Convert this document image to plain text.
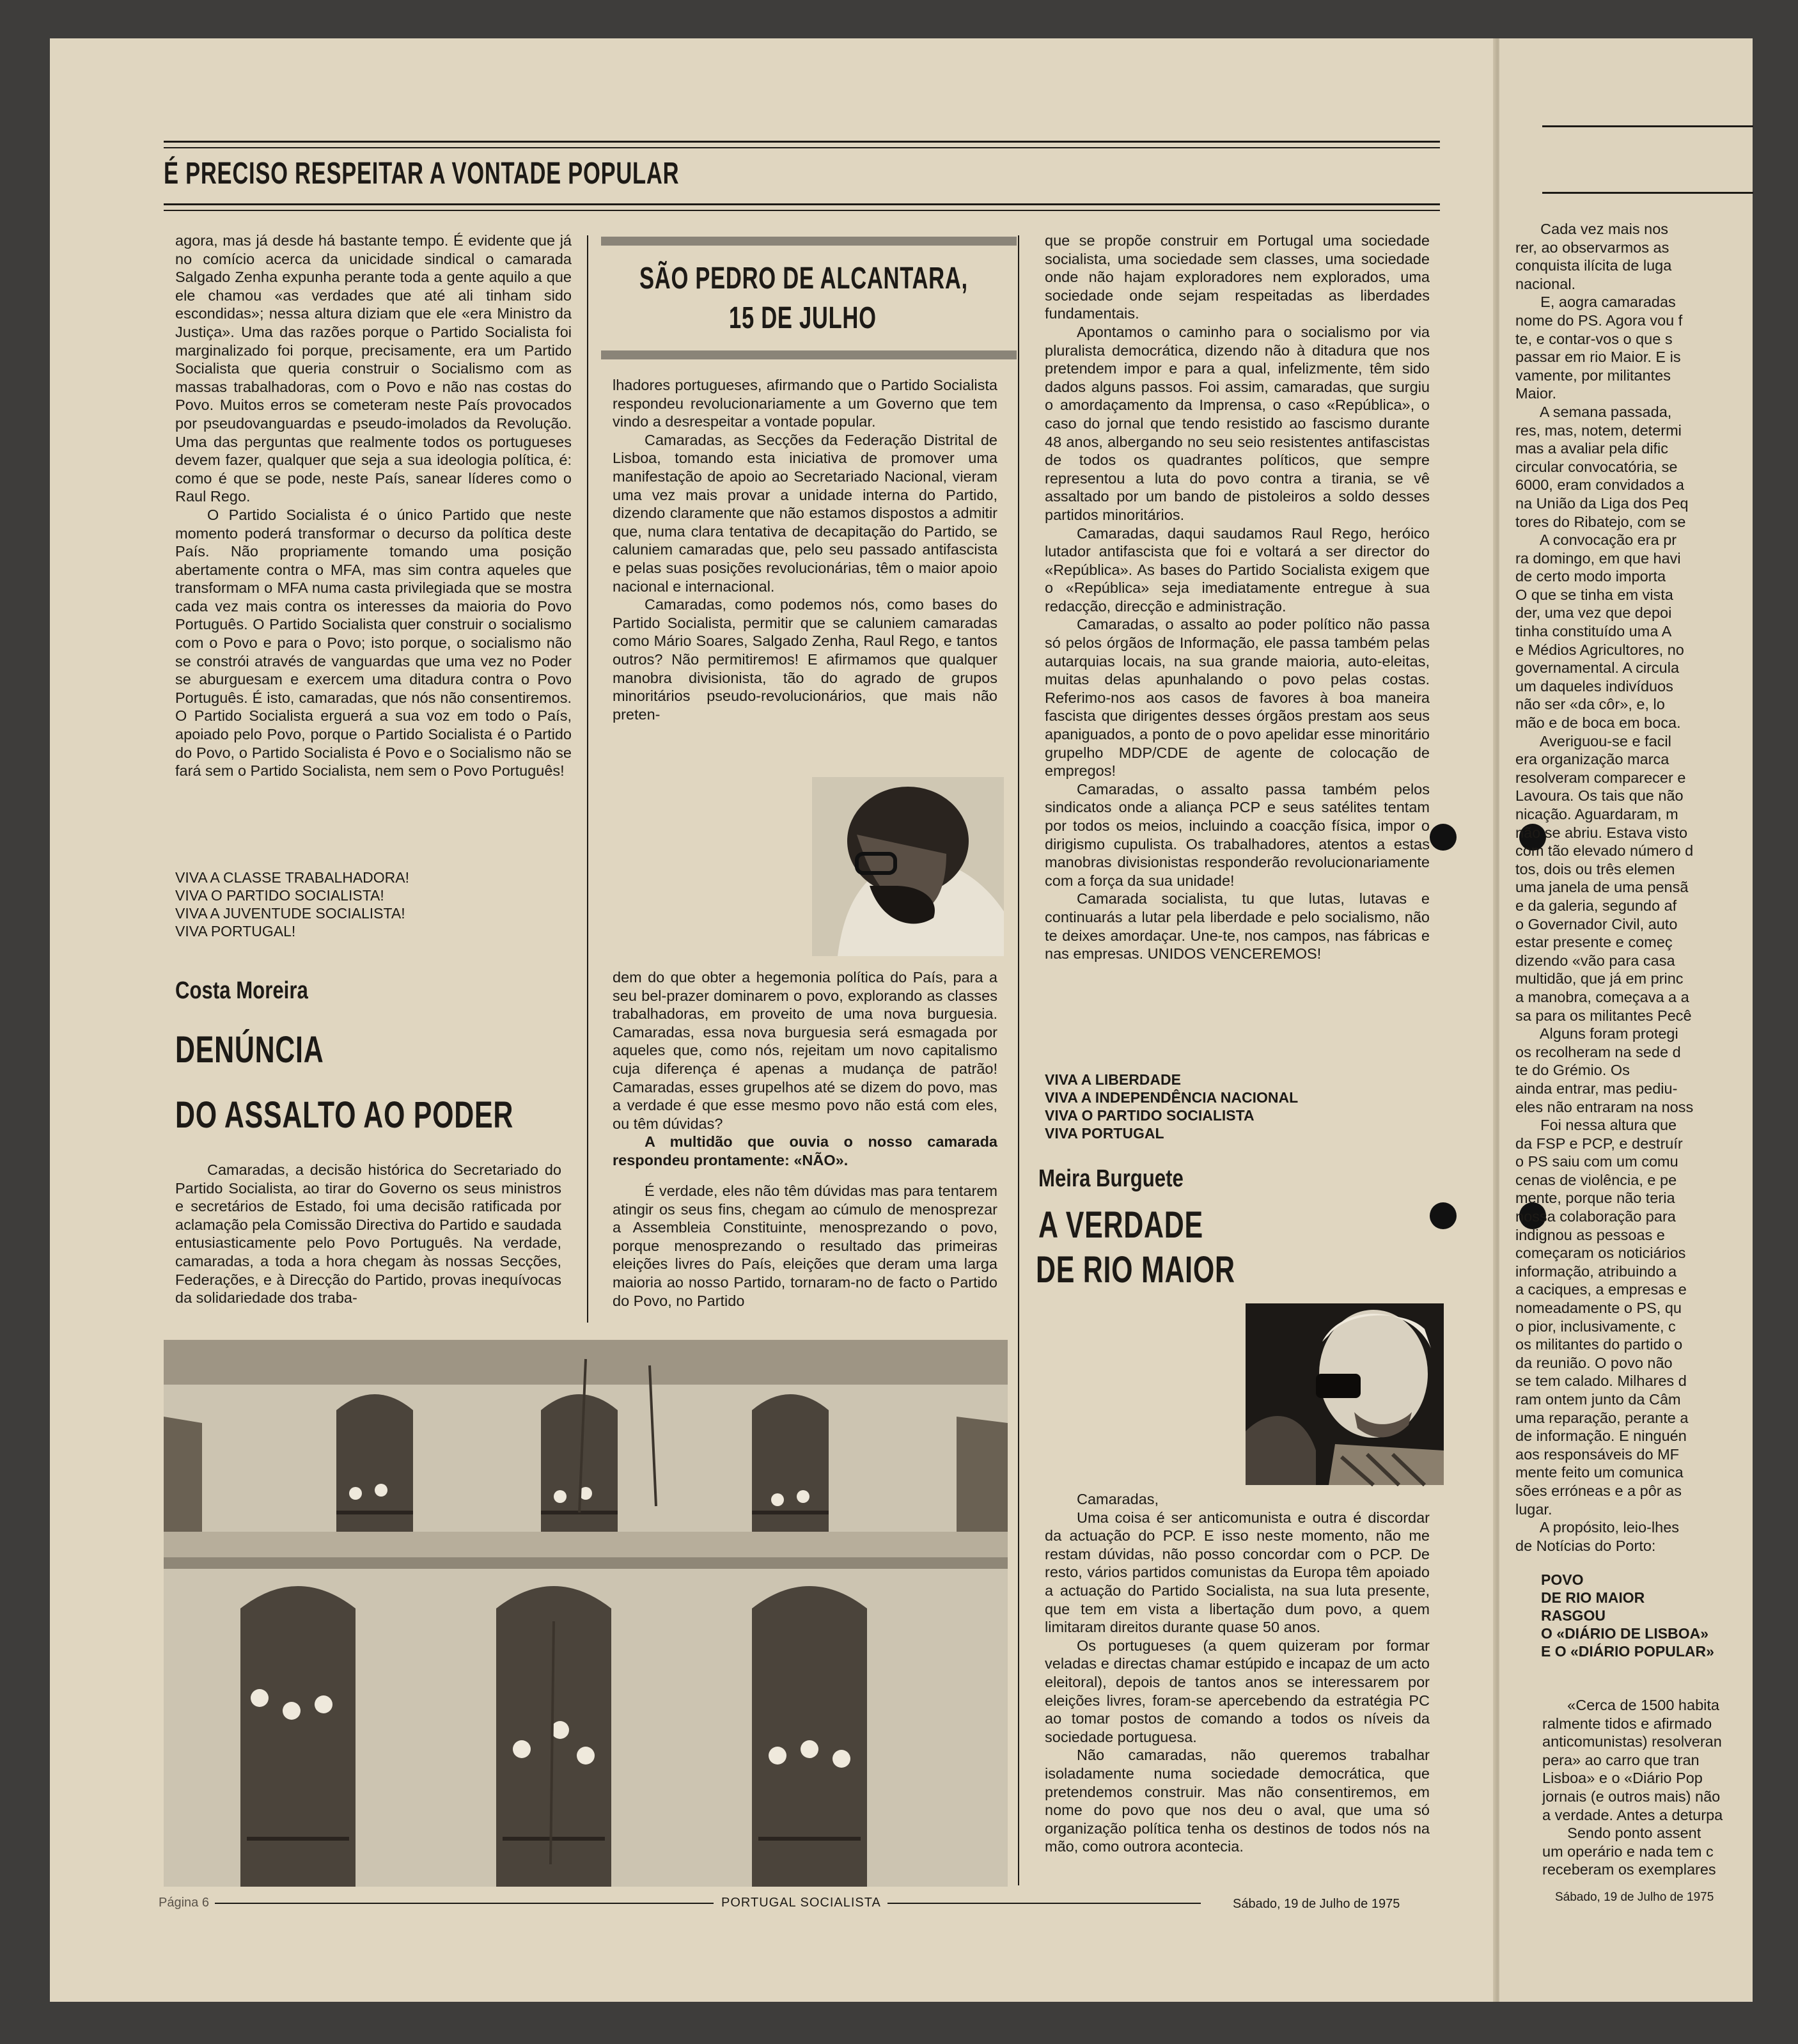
É PRECISO RESPEITAR A VONTADE POPULAR

agora, mas já desde há bastante tempo. É evidente que já no comício acerca da unicidade sindical o camarada Salgado Zenha expunha perante toda a gente aquilo a que ele chamou «as verdades que até ali tinham sido escondidas»; nessa altura diziam que ele «era Ministro da Justiça». Uma das razões porque o Partido Socialista foi marginalizado foi porque, precisamente, era um Partido Socialista que queria construir o Socialismo com as massas trabalhadoras, com o Povo e não nas costas do Povo. Muitos erros se cometeram neste País provocados por pseudovanguardas e pseudo-imolados da Revolução. Uma das perguntas que realmente todos os portugueses devem fazer, qualquer que seja a sua ideologia política, é: como é que se pode, neste País, sanear líderes como o Raul Rego.

O Partido Socialista é o único Partido que neste momento poderá transformar o decurso da política deste País. Não propriamente tomando uma posição abertamente contra o MFA, mas sim contra aqueles que transformam o MFA numa casta privilegiada que se mostra cada vez mais contra os interesses da maioria do Povo Português. O Partido Socialista quer construir o socialismo com o Povo e para o Povo; isto porque, o socialismo não se constrói através de vanguardas que uma vez no Poder se aburguesam e exercem uma ditadura contra o Povo Português. É isto, camaradas, que nós não consentiremos. O Partido Socialista erguerá a sua voz em todo o País, apoiado pelo Povo, porque o Partido Socialista é o Partido do Povo, o Partido Socialista é Povo e o Socialismo não se fará sem o Partido Socialista, nem sem o Povo Português!

VIVA A CLASSE TRABALHADORA!
VIVA O PARTIDO SOCIALISTA!
VIVA A JUVENTUDE SOCIALISTA!
VIVA PORTUGAL!
Costa Moreira
DENÚNCIA
DO ASSALTO AO PODER

Camaradas, a decisão histórica do Secretariado do Partido Socialista, ao tirar do Governo os seus ministros e secretários de Estado, foi uma decisão ratificada por aclamação pela Comissão Directiva do Partido e saudada entusiasticamente pelo Povo Português. Na verdade, camaradas, a toda a hora chegam às nossas Secções, Federações, e à Direcção do Partido, provas inequívocas da solidariedade dos traba-

SÃO PEDRO DE ALCANTARA,
15 DE JULHO

lhadores portugueses, afirmando que o Partido Socialista respondeu revolucionariamente a um Governo que tem vindo a desrespeitar a vontade popular.

Camaradas, as Secções da Federação Distrital de Lisboa, tomando esta iniciativa de promover uma manifestação de apoio ao Secretariado Nacional, vieram uma vez mais provar a unidade interna do Partido, dizendo claramente que não estamos dispostos a admitir que, numa clara tentativa de decapitação do Partido, se caluniem camaradas que, pelo seu passado antifascista e pelas suas posições revolucionárias, têm o maior apoio nacional e internacional.

Camaradas, como podemos nós, como bases do Partido Socialista, permitir que se caluniem camaradas como Mário Soares, Salgado Zenha, Raul Rego, e tantos outros? Não permitiremos! E afirmamos que qualquer manobra divisionista, tão do agrado de grupos minoritários pseudo-revolucionários, que mais não preten-

dem do que obter a hegemonia política do País, para a seu bel-prazer dominarem o povo, explorando as classes trabalhadoras, em proveito de uma nova burguesia. Camaradas, essa nova burguesia será esmagada por aqueles que, como nós, rejeitam um novo capitalismo cuja diferença é apenas a mudança de patrão! Camaradas, esses grupelhos até se dizem do povo, mas a verdade é que esse mesmo povo não está com eles, ou têm dúvidas?

A multidão que ouvia o nosso camarada respondeu prontamente: «NÃO».

É verdade, eles não têm dúvidas mas para tentarem atingir os seus fins, chegam ao cúmulo de menosprezar a Assembleia Constituinte, menosprezando o povo, porque menosprezando o resultado das primeiras eleições livres do País, eleições que deram uma larga maioria ao nosso Partido, tornaram-no de facto o Partido do Povo, no Partido

que se propõe construir em Portugal uma sociedade socialista, uma sociedade sem classes, uma sociedade onde não hajam exploradores nem explorados, uma sociedade onde sejam respeitadas as liberdades fundamentais.

Apontamos o caminho para o socialismo por via pluralista democrática, dizendo não à ditadura que nos pretendem impor e para a qual, infelizmente, têm sido dados alguns passos. Foi assim, camaradas, que surgiu o amordaçamento da Imprensa, o caso «República», o caso do jornal que tendo resistido ao fascismo durante 48 anos, albergando no seu seio resistentes antifascistas de todos os quadrantes políticos, que sempre representou a luta do povo contra a tirania, se vê assaltado por um bando de pistoleiros a soldo desses partidos minoritários.

Camaradas, daqui saudamos Raul Rego, heróico lutador antifascista que foi e voltará a ser director do «República». As bases do Partido Socialista exigem que o «República» seja imediatamente entregue à sua redacção, direcção e administração.

Camaradas, o assalto ao poder político não passa só pelos órgãos de Informação, ele passa também pelas autarquias locais, na sua grande maioria, auto-eleitas, muitas delas apunhalando o povo pelas costas. Referimo-nos aos casos de favores à boa maneira fascista que dirigentes desses órgãos prestam aos seus apaniguados, a ponto de o povo apelidar esse minoritário grupelho MDP/CDE de agente de colocação de empregos!

Camaradas, o assalto passa também pelos sindicatos onde a aliança PCP e seus satélites tentam por todos os meios, incluindo a coacção física, impor o dirigismo cupulista. Os trabalhadores, atentos a estas manobras divisionistas responderão revolucionariamente com a força da sua unidade!

Camarada socialista, tu que lutas, lutavas e continuarás a lutar pela liberdade e pelo socialismo, não te deixes amordaçar. Une-te, nos campos, nas fábricas e nas empresas. UNIDOS VENCEREMOS!

VIVA A LIBERDADE
VIVA A INDEPENDÊNCIA NACIONAL
VIVA O PARTIDO SOCIALISTA
VIVA PORTUGAL
Meira Burguete
A VERDADE
DE RIO MAIOR

Camaradas,

Uma coisa é ser anticomunista e outra é discordar da actuação do PCP. E isso neste momento, não me restam dúvidas, não posso concordar com o PCP. De resto, vários partidos comunistas da Europa têm apoiado a actuação do Partido Socialista, na sua luta presente, que tem em vista a libertação dum povo, a quem limitaram direitos durante quase 50 anos.

Os portugueses (a quem quizeram por formar veladas e directas chamar estúpido e incapaz de um acto eleitoral), depois de tantos anos se interessarem por eleições livres, foram-se apercebendo da estratégia PC ao tomar postos de comando a todos os níveis da sociedade portuguesa.

Não camaradas, não queremos trabalhar isoladamente numa sociedade democrática, que pretendemos construir. Mas não consentiremos, em nome do povo que nos deu o aval, que uma só organização política tenha os destinos de todos nós na mão, como outrora acontecia.

Página 6	PORTUGAL SOCIALISTA	Sábado, 19 de Julho de 1975
Cada vez mais nos
rer, ao observarmos as
conquista ilícita de luga
nacional.
E, aogra camaradas
nome do PS. Agora vou f
te, e contar-vos o que s
passar em rio Maior. E is
vamente, por militantes
Maior.
A semana passada,
res, mas, notem, determi
mas a avaliar pela dific
circular convocatória, se
6000, eram convidados a
na União da Liga dos Peq
tores do Ribatejo, com se
A convocação era pr
ra domingo, em que havi
de certo modo importa
O que se tinha em vista
der, uma vez que depoi
tinha constituído uma A
e Médios Agricultores, no
governamental. A circula
um daqueles indivíduos
não ser «da côr», e, lo
mão e de boca em boca.
Averiguou-se e facil
era organização marca
resolveram comparecer e
Lavoura. Os tais que não
nicação. Aguardaram, m
não se abriu. Estava visto
com tão elevado número d
tos, dois ou três elemen
uma janela de uma pensã
e da galeria, segundo af
o Governador Civil, auto
estar presente e começ
dizendo «vão para casa
multidão, que já em princ
a manobra, começava a a
sa para os militantes Pecê
Alguns foram protegi
os recolheram na sede d
te do Grémio. Os
ainda entrar, mas pediu-
eles não entraram na noss
Foi nessa altura que
da FSP e PCP, e destruír
o PS saiu com um comu
cenas de violência, e pe
mente, porque não teria
nossa colaboração para
indignou as pessoas e
começaram os noticiários
informação, atribuindo a
a caciques, a empresas e
nomeadamente o PS, qu
o pior, inclusivamente, c
os militantes do partido o
da reunião. O povo não
se tem calado. Milhares d
ram ontem junto da Câm
uma reparação, perante a
de informação. E ninguén
aos responsáveis do MF
mente feito um comunica
sões erróneas e a pôr as
lugar.
A propósito, leio-lhes
de Notícias do Porto:
POVO
DE RIO MAIOR
RASGOU
O «DIÁRIO DE LISBOA»
E O «DIÁRIO POPULAR»
«Cerca de 1500 habita
ralmente tidos e afirmado
anticomunistas) resolveran
pera» ao carro que tran
Lisboa» e o «Diário Pop
jornais (e outros mais) não
a verdade. Antes a deturpa
Sendo ponto assent
um operário e nada tem c
receberam os exemplares
Sábado, 19 de Julho de 1975
